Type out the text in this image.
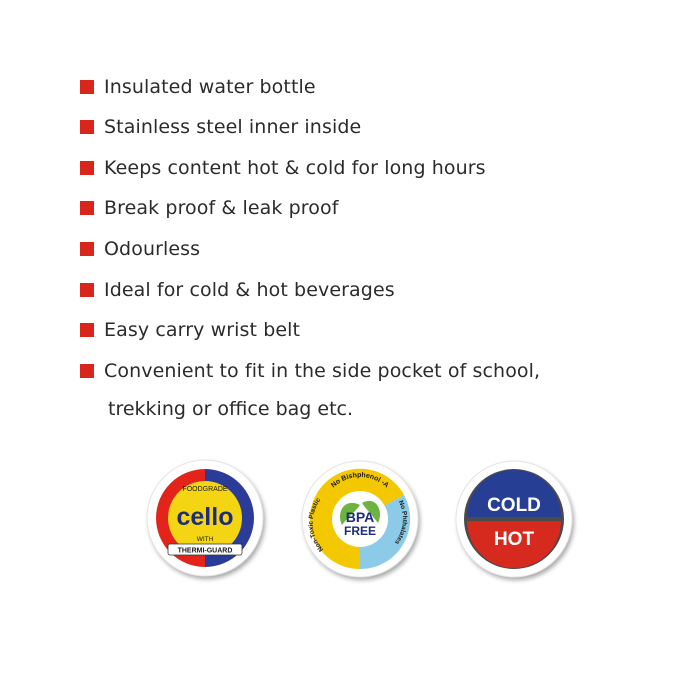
Insulated water bottle
Stainless steel inner inside
Keeps content hot & cold for long hours
Break proof & leak proof
Odourless
Ideal for cold & hot beverages
Easy carry wrist belt
Convenient to fit in the side pocket of school,
trekking or office bag etc.
FOODGRADE
cello
WITH
THERMI-GUARD
No Bishphenol -A
No Phthalates
Non-Toxic Plastic
BPA
FREE
COLD
HOT
